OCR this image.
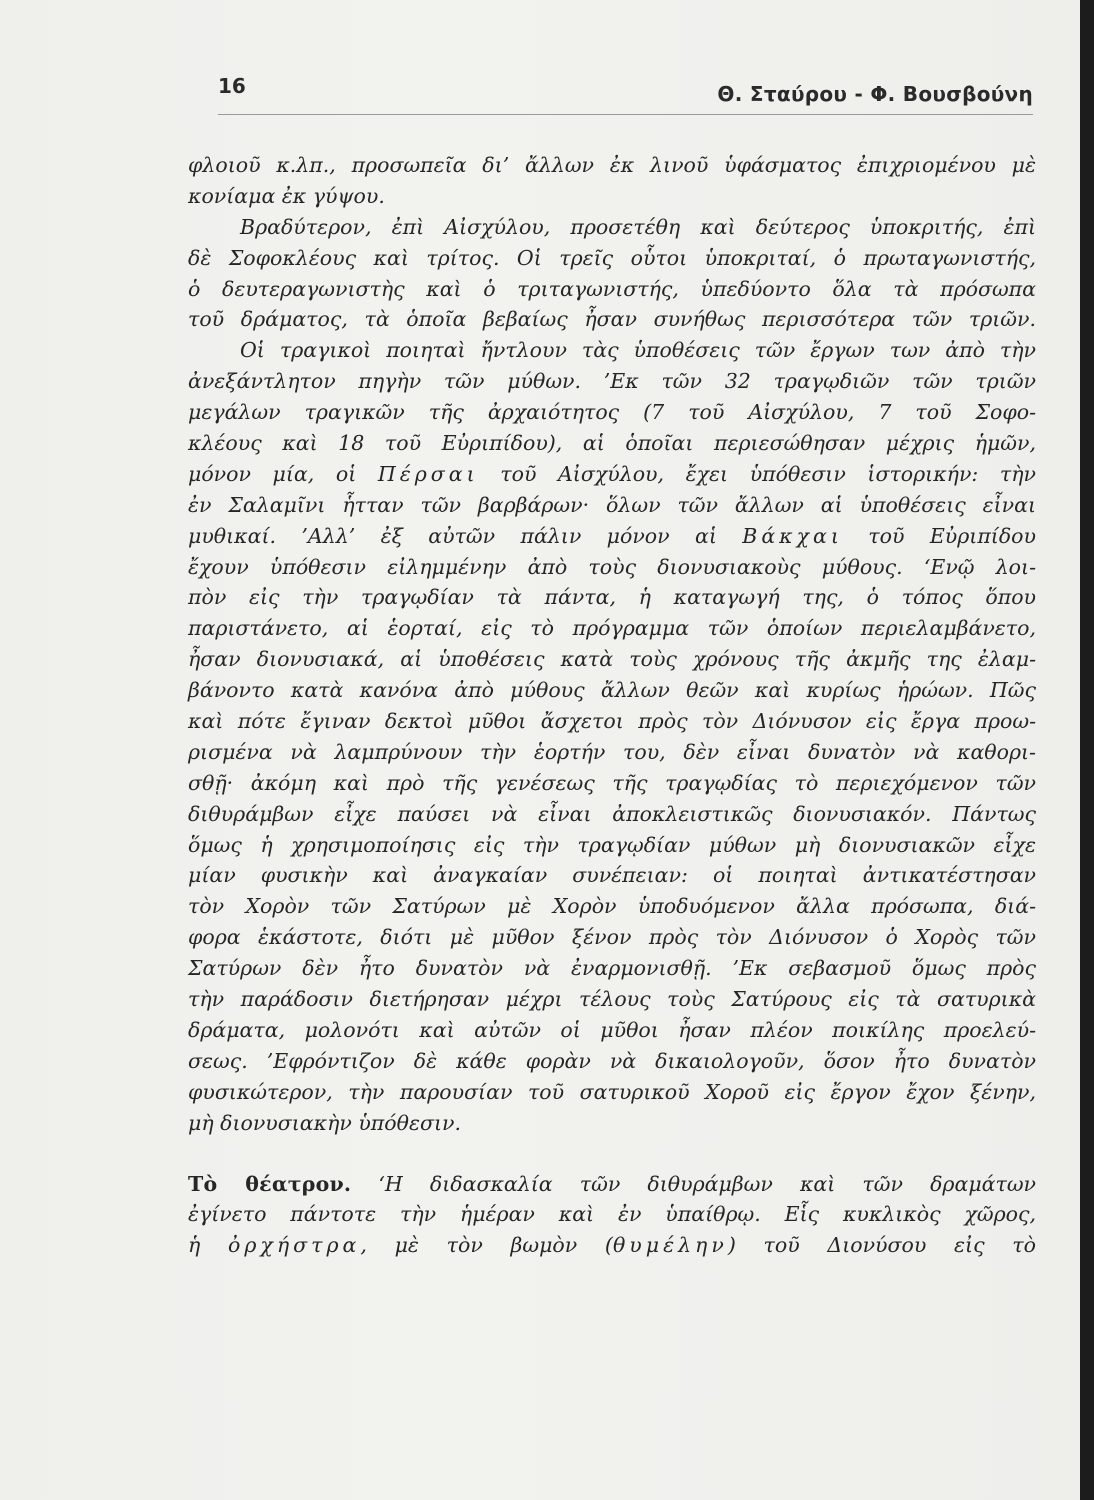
16	Θ. Σταύρου - Φ. Βουσβούνη
φλοιοῦ κ.λπ., προσωπεῖα δι’ ἄλλων ἐκ λινοῦ ὑφάσματος ἐπιχριομένου μὲ
κονίαμα ἐκ γύψου.
Βραδύτερον, ἐπὶ Αἰσχύλου, προσετέθη καὶ δεύτερος ὑποκριτής, ἐπὶ
δὲ Σοφοκλέους καὶ τρίτος. Οἱ τρεῖς οὗτοι ὑποκριταί, ὁ πρωταγωνιστής,
ὁ δευτεραγωνιστὴς καὶ ὁ τριταγωνιστής, ὑπεδύοντο ὅλα τὰ πρόσωπα
τοῦ δράματος, τὰ ὁποῖα βεβαίως ἦσαν συνήθως περισσότερα τῶν τριῶν.
Οἱ τραγικοὶ ποιηταὶ ἤντλουν τὰς ὑποθέσεις τῶν ἔργων των ἀπὸ τὴν
ἀνεξάντλητον πηγὴν τῶν μύθων. ’Εκ τῶν 32 τραγῳδιῶν τῶν τριῶν
μεγάλων τραγικῶν τῆς ἀρχαιότητος (7 τοῦ Αἰσχύλου, 7 τοῦ Σοφο-
κλέους καὶ 18 τοῦ Εὐριπίδου), αἱ ὁποῖαι περιεσώθησαν μέχρις ἡμῶν,
μόνον μία, οἱ Πέρσαι τοῦ Αἰσχύλου, ἔχει ὑπόθεσιν ἱστορικήν: τὴν
ἐν Σαλαμῖνι ἧτταν τῶν βαρβάρων· ὅλων τῶν ἄλλων αἱ ὑποθέσεις εἶναι
μυθικαί. ’Αλλ’ ἐξ αὐτῶν πάλιν μόνον αἱ Βάκχαι τοῦ Εὐριπίδου
ἔχουν ὑπόθεσιν εἰλημμένην ἀπὸ τοὺς διονυσιακοὺς μύθους. ‘Ενῷ λοι-
πὸν εἰς τὴν τραγῳδίαν τὰ πάντα, ἡ καταγωγή της, ὁ τόπος ὅπου
παριστάνετο, αἱ ἑορταί, εἰς τὸ πρόγραμμα τῶν ὁποίων περιελαμβάνετο,
ἦσαν διονυσιακά, αἱ ὑποθέσεις κατὰ τοὺς χρόνους τῆς ἀκμῆς της ἐλαμ-
βάνοντο κατὰ κανόνα ἀπὸ μύθους ἄλλων θεῶν καὶ κυρίως ἡρώων. Πῶς
καὶ πότε ἔγιναν δεκτοὶ μῦθοι ἄσχετοι πρὸς τὸν Διόνυσον εἰς ἔργα προω-
ρισμένα νὰ λαμπρύνουν τὴν ἑορτήν του, δὲν εἶναι δυνατὸν νὰ καθορι-
σθῇ· ἀκόμη καὶ πρὸ τῆς γενέσεως τῆς τραγῳδίας τὸ περιεχόμενον τῶν
διθυράμβων εἶχε παύσει νὰ εἶναι ἀποκλειστικῶς διονυσιακόν. Πάντως
ὅμως ἡ χρησιμοποίησις εἰς τὴν τραγῳδίαν μύθων μὴ διονυσιακῶν εἶχε
μίαν φυσικὴν καὶ ἀναγκαίαν συνέπειαν: οἱ ποιηταὶ ἀντικατέστησαν
τὸν Χορὸν τῶν Σατύρων μὲ Χορὸν ὑποδυόμενον ἄλλα πρόσωπα, διά-
φορα ἑκάστοτε, διότι μὲ μῦθον ξένον πρὸς τὸν Διόνυσον ὁ Χορὸς τῶν
Σατύρων δὲν ἦτο δυνατὸν νὰ ἐναρμονισθῇ. ’Εκ σεβασμοῦ ὅμως πρὸς
τὴν παράδοσιν διετήρησαν μέχρι τέλους τοὺς Σατύρους εἰς τὰ σατυρικὰ
δράματα, μολονότι καὶ αὐτῶν οἱ μῦθοι ἦσαν πλέον ποικίλης προελεύ-
σεως. ’Εφρόντιζον δὲ κάθε φορὰν νὰ δικαιολογοῦν, ὅσον ἦτο δυνατὸν
φυσικώτερον, τὴν παρουσίαν τοῦ σατυρικοῦ Χοροῦ εἰς ἔργον ἔχον ξένην,
μὴ διονυσιακὴν ὑπόθεσιν.
Τὸ θέατρον. ‘Η διδασκαλία τῶν διθυράμβων καὶ τῶν δραμάτων
ἐγίνετο πάντοτε τὴν ἡμέραν καὶ ἐν ὑπαίθρῳ. Εἷς κυκλικὸς χῶρος,
ἡ ὀρχήστρα, μὲ τὸν βωμὸν (θυμέλην) τοῦ Διονύσου εἰς τὸ
